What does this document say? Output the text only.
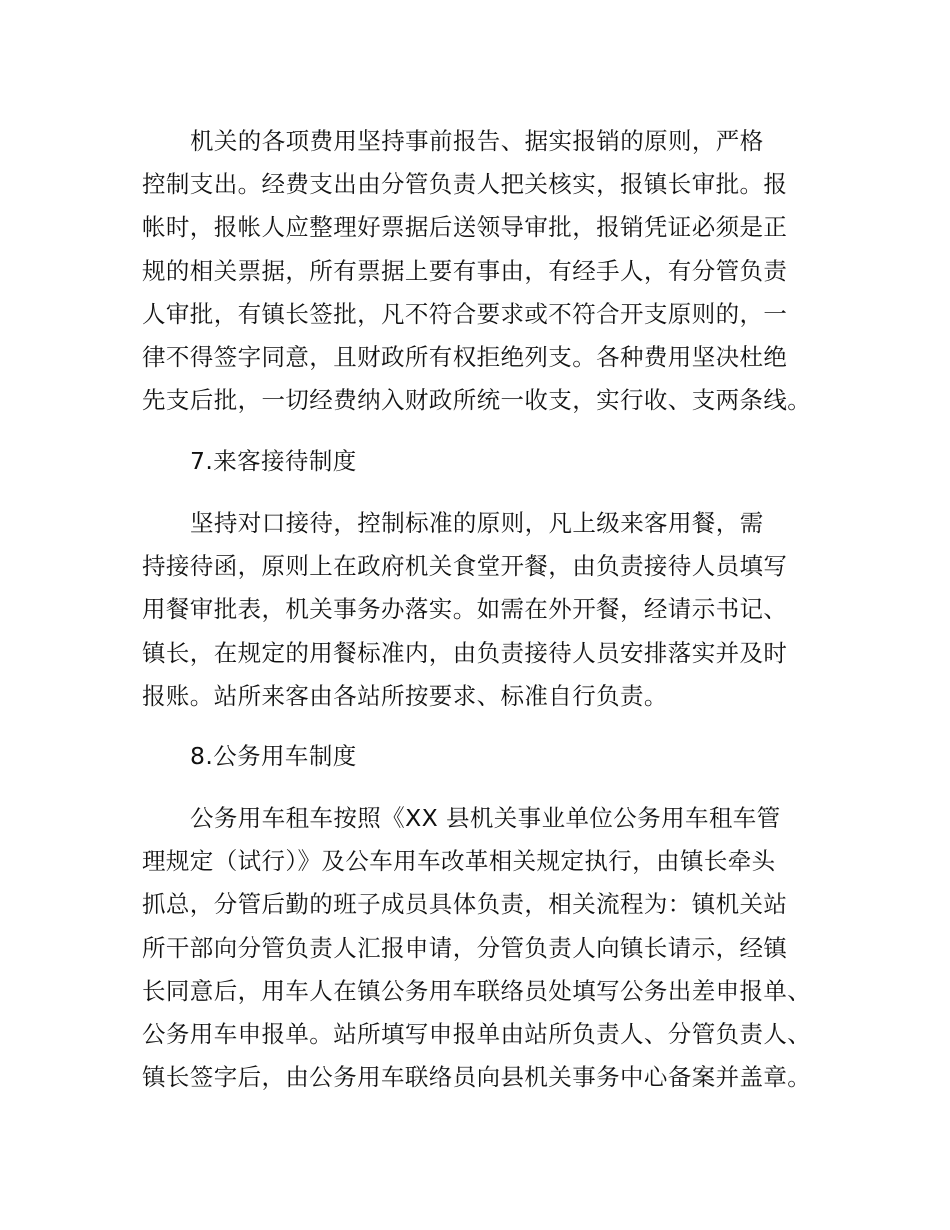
机关的各项费用坚持事前报告、据实报销的原则，严格
控制支出。经费支出由分管负责人把关核实，报镇长审批。报
帐时，报帐人应整理好票据后送领导审批，报销凭证必须是正
规的相关票据，所有票据上要有事由，有经手人，有分管负责
人审批，有镇长签批，凡不符合要求或不符合开支原则的，一
律不得签字同意，且财政所有权拒绝列支。各种费用坚决杜绝
先支后批，一切经费纳入财政所统一收支，实行收、支两条线。
7.来客接待制度
坚持对口接待，控制标准的原则，凡上级来客用餐，需
持接待函，原则上在政府机关食堂开餐，由负责接待人员填写
用餐审批表，机关事务办落实。如需在外开餐，经请示书记、
镇长，在规定的用餐标准内，由负责接待人员安排落实并及时
报账。站所来客由各站所按要求、标准自行负责。
8.公务用车制度
公务用车租车按照《XX 县机关事业单位公务用车租车管
理规定（试行）》及公车用车改革相关规定执行，由镇长牵头
抓总，分管后勤的班子成员具体负责，相关流程为：镇机关站
所干部向分管负责人汇报申请，分管负责人向镇长请示，经镇
长同意后，用车人在镇公务用车联络员处填写公务出差申报单、
公务用车申报单。站所填写申报单由站所负责人、分管负责人、
镇长签字后，由公务用车联络员向县机关事务中心备案并盖章。
